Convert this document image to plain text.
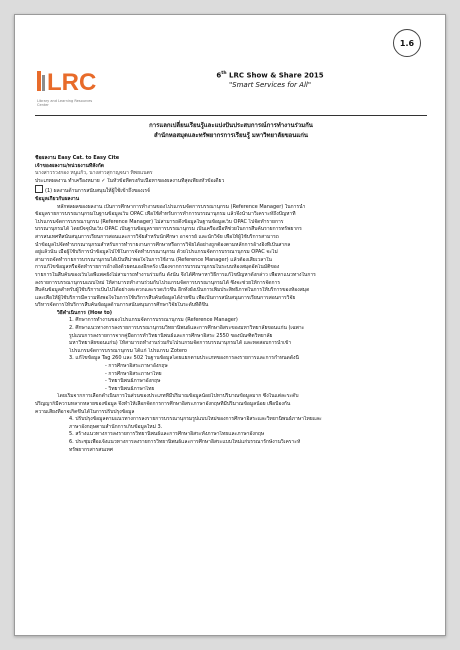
1.6
LRC
Library and Learning Resources Center
6th LRC Show & Share 2015
"Smart Services for All"
การแลกเปลี่ยนเรียนรู้และแบ่งปันประสบการณ์การทำงานร่วมกัน
สำนักหอสมุดและทรัพยากรการเรียนรู้ มหาวิทยาลัยขอนแก่น
ชื่อผลงาน Easy Cat. to Easy Cite
เจ้าของผลงาน/หน่วยงานที่สังกัด
นางสาวรวงกอง หนูแก้ว, นางสาวสุกาญจนา ทิพยแนตร
ประเภทผลงาน ทำเครื่องหมาย ✓ ในหัวข้อที่ตรงกับเนื้อหาของผลงานที่สุดเพียงหัวข้อเดียว
(1) ผลงานด้านการสนับสนุนให้ผู้ใช้เข้าถึงของเรจ์
ข้อมูลเกี่ยวกับผลงาน
หลักพลผลของผลงาน เป็นการศึกษาการทำงานของโปรแกรมจัดการบรรณานุกรม (Reference Manager) ในการนำ
ข้อมูลรายการบรรณานุกรมในฐานข้อมูลเว็บ OPAC เพื่อใช้สำหรับการทำการบรรณานุกรม แล้วจึงนำมาวิเคราะห์ถึงปัญหาที่
โปรแกรมจัดการบรรณานุกรม (Reference Manager) ไม่สามารถดึงข้อมูลในฐานข้อมูลเว็บ OPAC ไปจัดทำรายการ
บรรณานุกรมได้ โดยปัจจุบันเว็บ OPAC เป็นฐานข้อมูลรายการบรรณานุกรม เป็นเครื่องมือที่ช่วยในการสืบค้นรายการทรัพยากร
สารสนเทศที่สนับสนุนการเรียนการสอนและการวิจัยสำหรับนักศึกษา อาจารย์ และนักวิจัย เพื่อให้ผู้ใช้บริการสามารถ
นำข้อมูลไปจัดทำบรรณานุกรมสำหรับการทำรายงานการศึกษาหรือการวิจัยได้อย่างถูกต้องตามหลักการอ้างอิงที่เป็นสากล
อยู่แล้วนั้น เมื่อผู้ใช้บริการนำข้อมูลไปใช้ในการจัดทำบรรณานุกรม ด้วยโปรแกรมจัดการบรรณานุกรม OPAC จะไม่
สามารถจัดทำรายการบรรณานุกรมได้เป็นที่น่าพอใจในการใช้งาน (Reference Manager) แล้วต้องเสียเวลาใน
การแก้ไขข้อมูลหรือจัดทำรายการอ้างอิงด้วยตนเองอีกครั้ง เนื่องจากการบรรณานุกรมในระบบห้องสมุดอัตโนมัติของ
รายการในสืบค้นของเว็บโอพีแพคยังไม่สามารถทำงานร่วมกัน ดังนั้น จึงได้ศึกษาหาวิธีการแก้ไขปัญหาดังกล่าว เพื่อหาแนวทางในการ
ลงรายการบรรณานุกรมแบบใหม่ ให้สามารถทำงานร่วมกับโปรแกรมจัดการบรรณานุกรมได้ ซึ่งจะช่วยให้การจัดการ
สืบค้นข้อมูลสำหรับผู้ใช้บริการเป็นไปได้อย่างสะดวกและรวดเร็วขึ้น อีกทั้งยังเป็นการเพิ่มประสิทธิภาพในการให้บริการของห้องสมุด
และเพื่อให้ผู้ใช้บริการมีความพึงพอใจในการใช้บริการสืบค้นข้อมูลได้ง่ายขึ้น เพื่อเป็นการสนับสนุนการเรียนการสอนการวิจัย
บริหารจัดการให้บริการสืบค้นข้อมูลด้านการสนับสนุนการศึกษาวิจัยในระดับที่ดีขึ้น
วิธีดำเนินการ (How to)
1. ศึกษาการทำงานของโปรแกรมจัดการบรรณานุกรม (Reference Manager)
2. ศึกษาแนวทางการลงรายการบรรณานุกรมวิทยานิพนธ์และการศึกษาอิสระของมหาวิทยาลัยขอนแก่น (เฉพาะ
รูปแบบการลงรายการจากคู่มือการทำวิทยานิพนธ์และการศึกษาอิสระ 2550 ของบัณฑิตวิทยาลัย
มหาวิทยาลัยขอนแก่น) ให้สามารถทำงานร่วมกับโปรแกรมจัดการบรรณานุกรมได้ และทดสอบการนำเข้า
โปรแกรมจัดการบรรณานุกรม ได้แก่ โปรแกรม Zotero
3. แก้ไขข้อมูล Tag 260 และ 502 ในฐานข้อมูลโดยแยกตามประเภทของการลงรายการและการกำหนดดังนี้
- การศึกษาอิสระภาษาอังกฤษ
- การศึกษาอิสระภาษาไทย
- วิทยานิพนธ์ภาษาอังกฤษ
- วิทยานิพนธ์ภาษาไทย
โดยเริ่มจากการเลือกดำเนินการในส่วนของประเภทที่มีปริมาณข้อมูลน้อยไปหาปริมาณข้อมูลมาก ซึ่งในแต่ละระดับ
ปริญญาก็มีความหลากหลายของข้อมูล จึงทำให้เลือกจัดการการศึกษาอิสระภาษาอังกฤษที่มีปริมาณข้อมูลน้อย เพื่อป้องกัน
ความเสี่ยงที่อาจเกิดขึ้นได้ในการปรับปรุงข้อมูล
4. ปรับปรุงข้อมูลตามแนวทางการลงรายการบรรณานุกรมรูปแบบใหม่ของการศึกษาอิสระและวิทยานิพนธ์ภาษาไทยและ
ภาษาอังกฤษตามสำนักการเก็บข้อมูลใหม่ 3.
5. สร้างแนวทางการลงรายการวิทยานิพนธ์และการศึกษาอิสระทั้งภาษาไทยและภาษาอังกฤษ
6. ประชุมเพื่อแจ้งแนวทางการลงรายการวิทยานิพนธ์และการศึกษาอิสระแบบใหม่แก่บรรณารักษ์งานวิเคราะห์
ทรัพยากรสารสนเทศ
